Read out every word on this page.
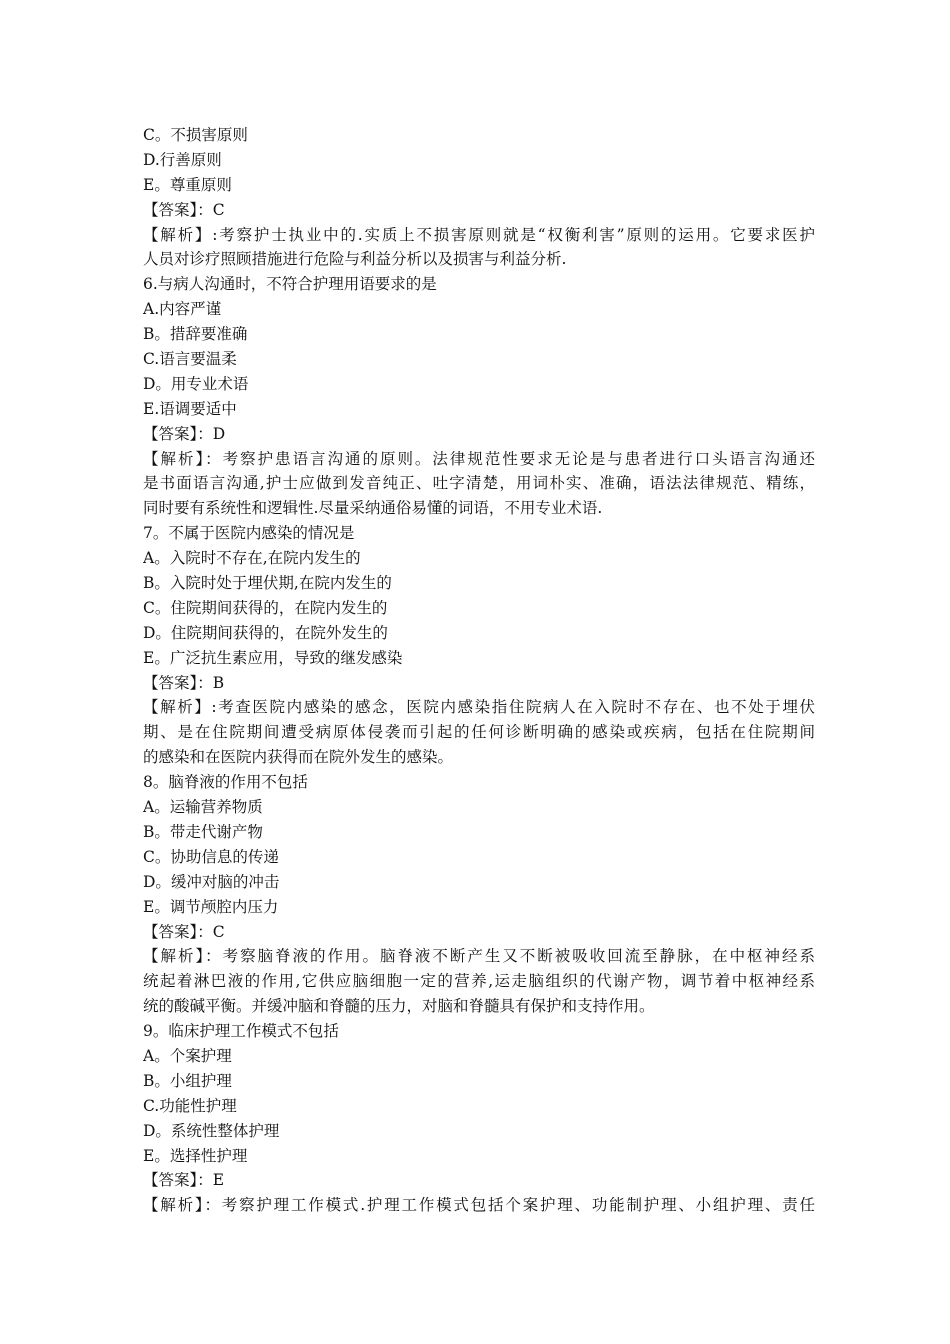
C。不损害原则
D.行善原则
E。尊重原则
【答案】：C
【解析】:考察护士执业中的.实质上不损害原则就是“权衡利害”原则的运用。它要求医护
人员对诊疗照顾措施进行危险与利益分析以及损害与利益分析.
6.与病人沟通时，不符合护理用语要求的是
A.内容严谨
B。措辞要准确
C.语言要温柔
D。用专业术语
E.语调要适中
【答案】：D
【解析】：考察护患语言沟通的原则。法律规范性要求无论是与患者进行口头语言沟通还
是书面语言沟通,护士应做到发音纯正、吐字清楚，用词朴实、准确，语法法律规范、精练，
同时要有系统性和逻辑性.尽量采纳通俗易懂的词语，不用专业术语.
7。不属于医院内感染的情况是
A。入院时不存在,在院内发生的
B。入院时处于埋伏期,在院内发生的
C。住院期间获得的，在院内发生的
D。住院期间获得的，在院外发生的
E。广泛抗生素应用，导致的继发感染
【答案】：B
【解析】:考查医院内感染的感念，医院内感染指住院病人在入院时不存在、也不处于埋伏
期、是在住院期间遭受病原体侵袭而引起的任何诊断明确的感染或疾病，包括在住院期间
的感染和在医院内获得而在院外发生的感染。
8。脑脊液的作用不包括
A。运输营养物质
B。带走代谢产物
C。协助信息的传递
D。缓冲对脑的冲击
E。调节颅腔内压力
【答案】：C
【解析】：考察脑脊液的作用。脑脊液不断产生又不断被吸收回流至静脉，在中枢神经系
统起着淋巴液的作用,它供应脑细胞一定的营养,运走脑组织的代谢产物，调节着中枢神经系
统的酸碱平衡。并缓冲脑和脊髓的压力，对脑和脊髓具有保护和支持作用。
9。临床护理工作模式不包括
A。个案护理
B。小组护理
C.功能性护理
D。系统性整体护理
E。选择性护理
【答案】：E
【解析】：考察护理工作模式.护理工作模式包括个案护理、功能制护理、小组护理、责任
